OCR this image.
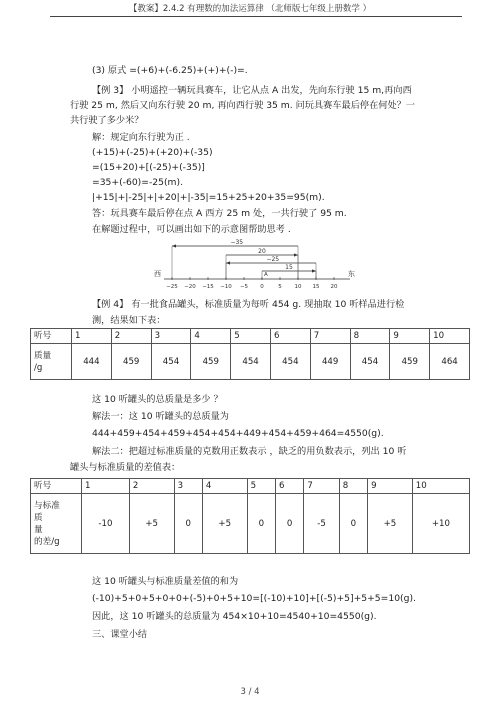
【教案】2.4.2 有理数的加法运算律 （北师版七年级上册数学 ）
(3) 原式 =(+6)+(-6.25)+(+)+(-)=.
【例 3】 小明遥控一辆玩具赛车，让它从点 A 出发，先向东行驶 15 m,再向西
行驶 25 m, 然后又向东行驶 20 m, 再向西行驶 35 m. 问玩具赛车最后停在何处？一
共行驶了多少米？
解：规定向东行驶为正 .
(+15)+(-25)+(+20)+(-35)
=(15+20)+[(-25)+(-35)]
=35+(-60)=-25(m).
|+15|+|-25|+|+20|+|-35|=15+25+20+35=95(m).
答：玩具赛车最后停在点 A 西方 25 m 处，一共行驶了 95 m.
在解题过程中，可以画出如下的示意图帮助思考 .
−35
20
−25
15
−25 −20 −15 −10 −5 0	5 10 15 20
A
西	东
【例 4】 有一批食品罐头，标准质量为每听 454 g. 现抽取 10 听样品进行检
测，结果如下表：
听号	1	2	3	4	5	6	7	8	9	10
质量
/g	444	459	454	459	454	454	449	454	459	464
这 10 听罐头的总质量是多少 ？
解法一：这 10 听罐头的总质量为
444+459+454+459+454+454+449+454+459+464=4550(g).
解法二：把超过标准质量的克数用正数表示 ，缺乏的用负数表示，列出 10 听
罐头与标准质量的差值表：
听号	1	2	3	4	5	6	7	8	9	10
与标准
质
量
的差/g	-10	+5	0	+5	0	0	-5	0	+5	+10
这 10 听罐头与标准质量差值的和为
(-10)+5+0+5+0+0+(-5)+0+5+10=[(-10)+10]+[(-5)+5]+5+5=10(g).
因此，这 10 听罐头的总质量为 454×10+10=4540+10=4550(g).
三、课堂小结
3 / 4
